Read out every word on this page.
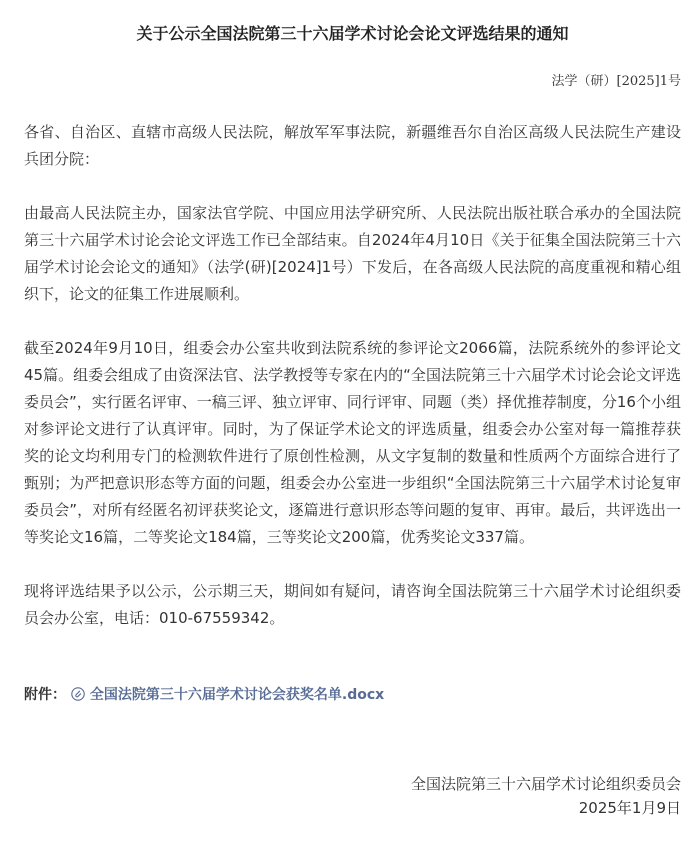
关于公示全国法院第三十六届学术讨论会论文评选结果的通知
法学（研）[2025]1号

各省、自治区、直辖市高级人民法院，解放军军事法院，新疆维吾尔自治区高级人民法院生产建设兵团分院：

由最高人民法院主办，国家法官学院、中国应用法学研究所、人民法院出版社联合承办的全国法院第三十六届学术讨论会论文评选工作已全部结束。自2024年4月10日《关于征集全国法院第三十六届学术讨论会论文的通知》（法学(研)[2024]1号）下发后，在各高级人民法院的高度重视和精心组织下，论文的征集工作进展顺利。

截至2024年9月10日，组委会办公室共收到法院系统的参评论文2066篇，法院系统外的参评论文45篇。组委会组成了由资深法官、法学教授等专家在内的“全国法院第三十六届学术讨论会论文评选委员会”，实行匿名评审、一稿三评、独立评审、同行评审、同题（类）择优推荐制度，分16个小组对参评论文进行了认真评审。同时，为了保证学术论文的评选质量，组委会办公室对每一篇推荐获奖的论文均利用专门的检测软件进行了原创性检测，从文字复制的数量和性质两个方面综合进行了甄别；为严把意识形态等方面的问题，组委会办公室进一步组织“全国法院第三十六届学术讨论复审委员会”，对所有经匿名初评获奖论文，逐篇进行意识形态等问题的复审、再审。最后，共评选出一等奖论文16篇，二等奖论文184篇，三等奖论文200篇，优秀奖论文337篇。

现将评选结果予以公示，公示期三天，期间如有疑问，请咨询全国法院第三十六届学术讨论组织委员会办公室，电话：010-67559342。

附件： 全国法院第三十六届学术讨论会获奖名单.docx
全国法院第三十六届学术讨论组织委员会
2025年1月9日
